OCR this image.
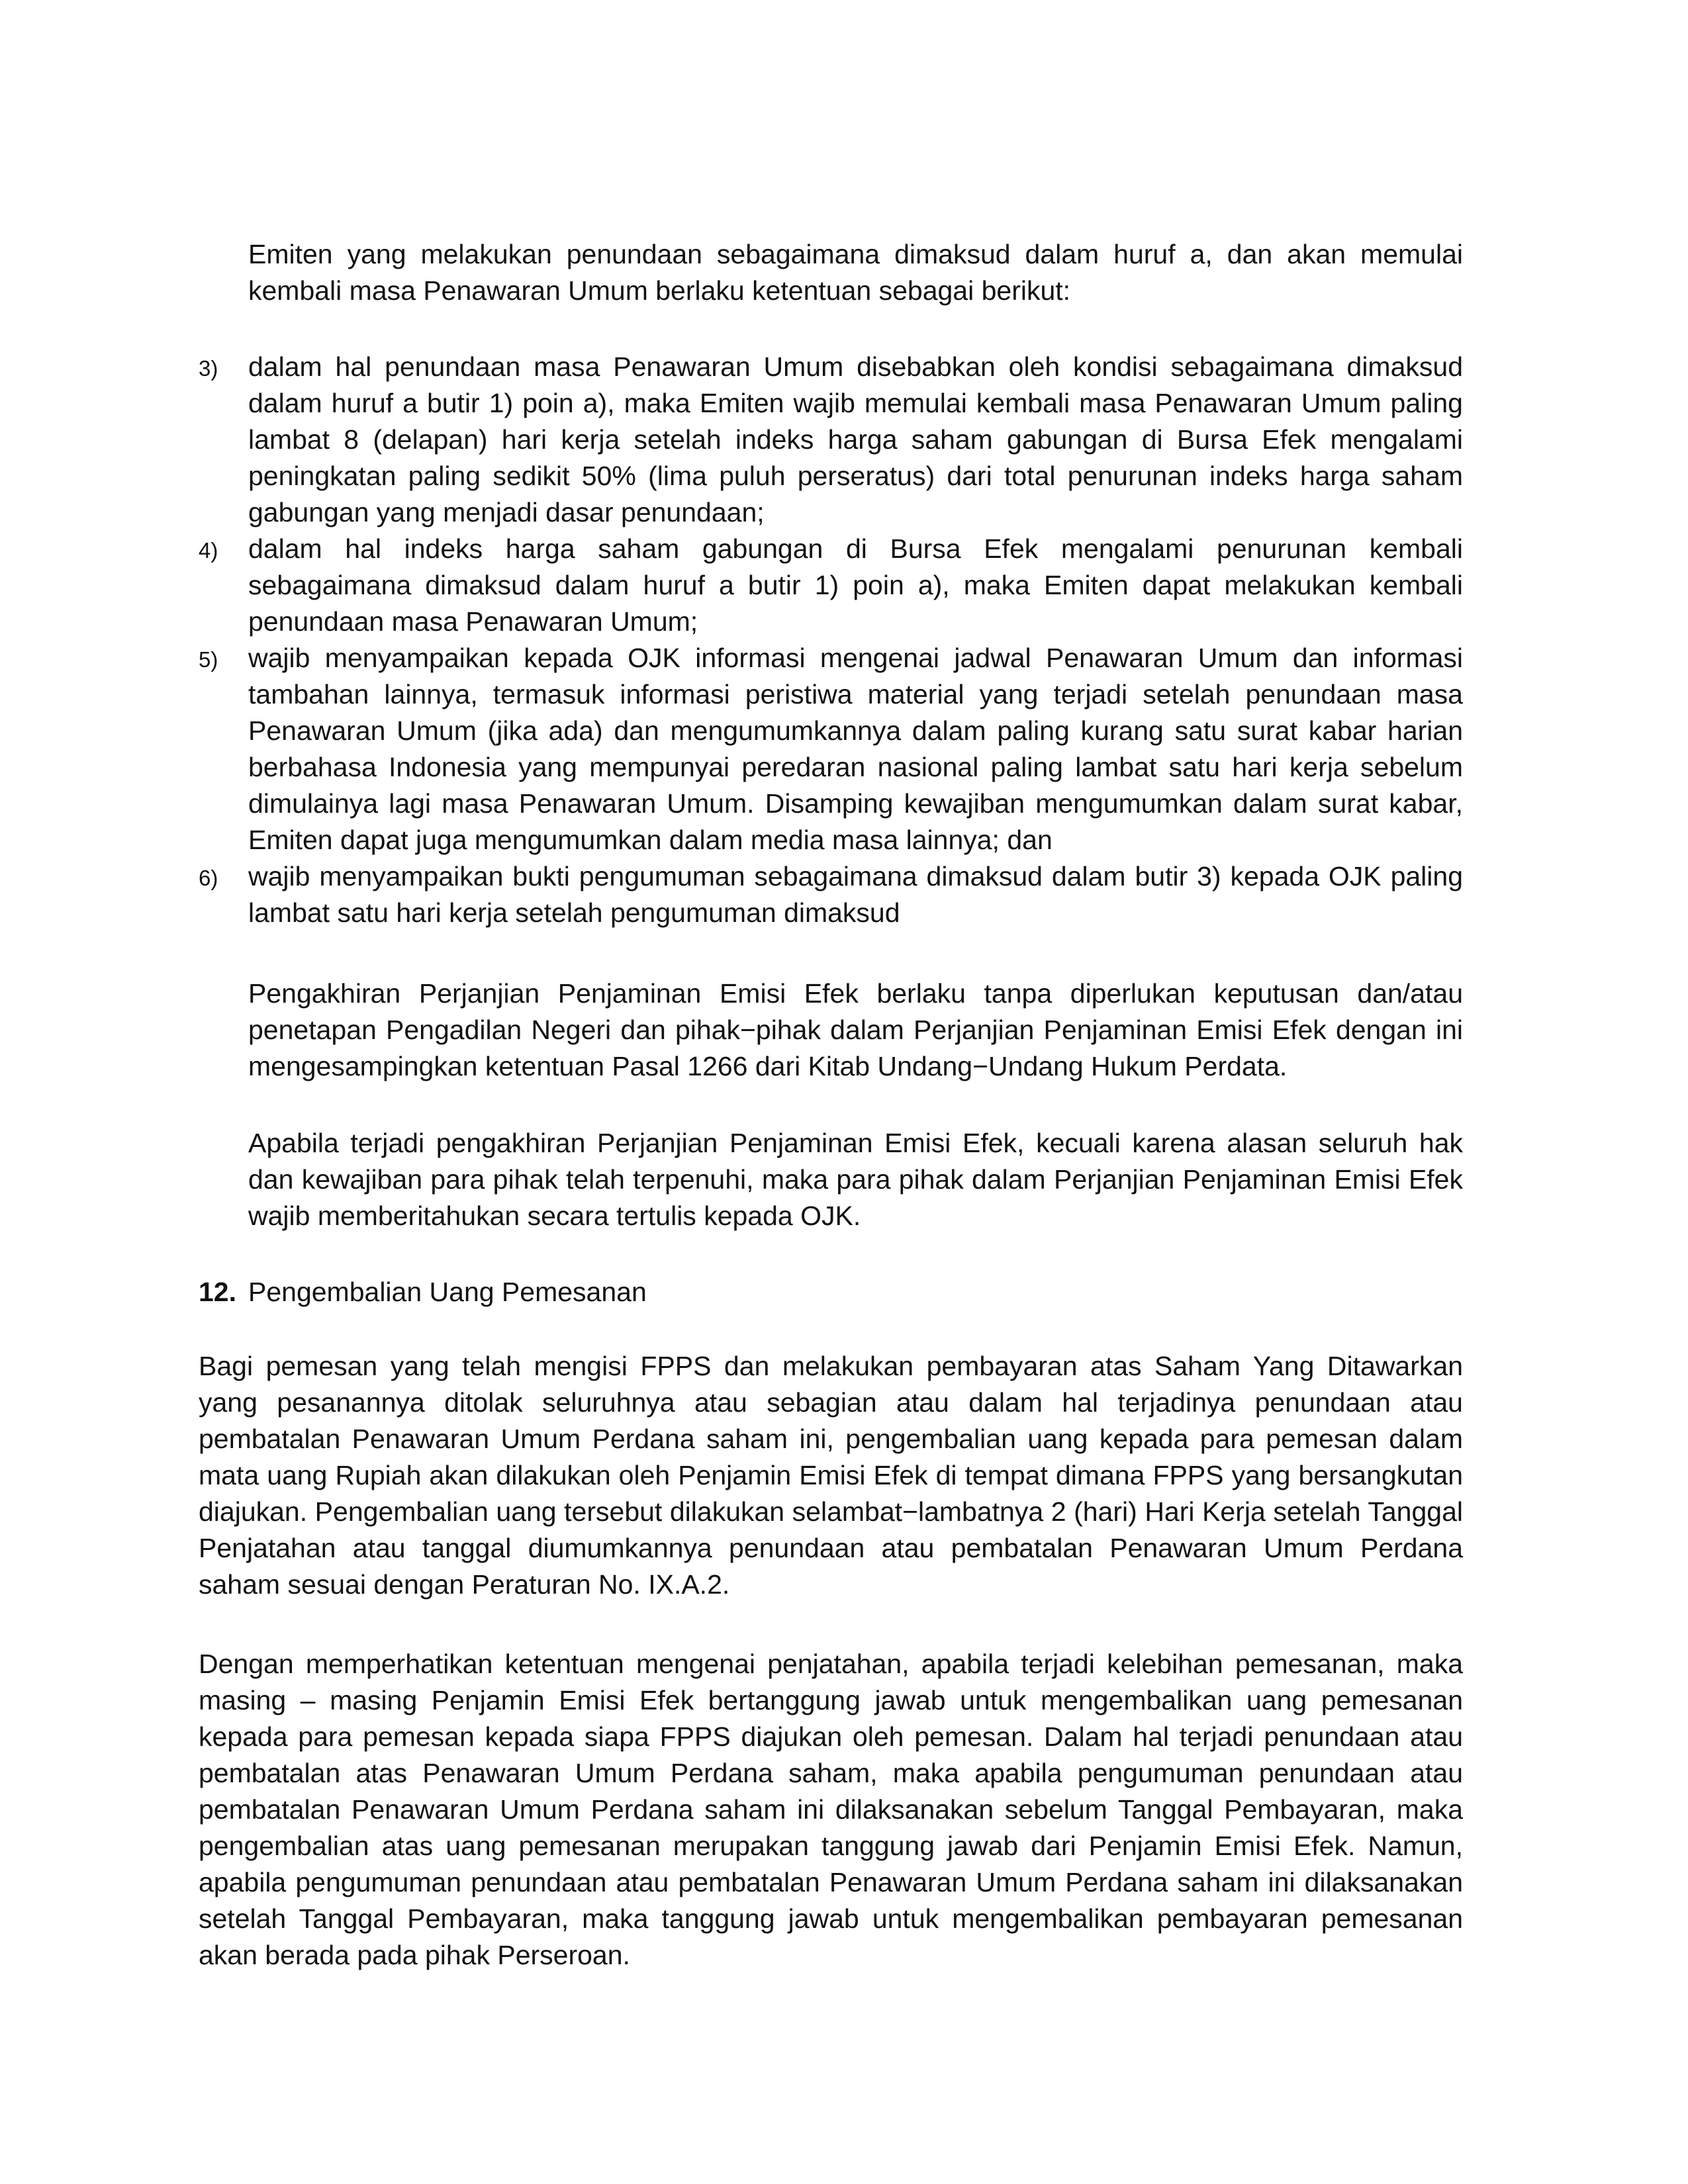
Emiten yang melakukan penundaan sebagaimana dimaksud dalam huruf a, dan akan memulai kembali masa Penawaran Umum berlaku ketentuan sebagai berikut:

3)	dalam hal penundaan masa Penawaran Umum disebabkan oleh kondisi sebagaimana dimaksud dalam huruf a butir 1) poin a), maka Emiten wajib memulai kembali masa Penawaran Umum paling lambat 8 (delapan) hari kerja setelah indeks harga saham gabungan di Bursa Efek mengalami peningkatan paling sedikit 50% (lima puluh perseratus) dari total penurunan indeks harga saham gabungan yang menjadi dasar penundaan;

4)	dalam hal indeks harga saham gabungan di Bursa Efek mengalami penurunan kembali sebagaimana dimaksud dalam huruf a butir 1) poin a), maka Emiten dapat melakukan kembali penundaan masa Penawaran Umum;

5)	wajib menyampaikan kepada OJK informasi mengenai jadwal Penawaran Umum dan informasi tambahan lainnya, termasuk informasi peristiwa material yang terjadi setelah penundaan masa Penawaran Umum (jika ada) dan mengumumkannya dalam paling kurang satu surat kabar harian berbahasa Indonesia yang mempunyai peredaran nasional paling lambat satu hari kerja sebelum dimulainya lagi masa Penawaran Umum. Disamping kewajiban mengumumkan dalam surat kabar, Emiten dapat juga mengumumkan dalam media masa lainnya; dan

6)	wajib menyampaikan bukti pengumuman sebagaimana dimaksud dalam butir 3) kepada OJK paling lambat satu hari kerja setelah pengumuman dimaksud

Pengakhiran Perjanjian Penjaminan Emisi Efek berlaku tanpa diperlukan keputusan dan/atau penetapan Pengadilan Negeri dan pihak−pihak dalam Perjanjian Penjaminan Emisi Efek dengan ini mengesampingkan ketentuan Pasal 1266 dari Kitab Undang−Undang Hukum Perdata.

Apabila terjadi pengakhiran Perjanjian Penjaminan Emisi Efek, kecuali karena alasan seluruh hak dan kewajiban para pihak telah terpenuhi, maka para pihak dalam Perjanjian Penjaminan Emisi Efek wajib memberitahukan secara tertulis kepada OJK.

12. Pengembalian Uang Pemesanan

Bagi pemesan yang telah mengisi FPPS dan melakukan pembayaran atas Saham Yang Ditawarkan yang pesanannya ditolak seluruhnya atau sebagian atau dalam hal terjadinya penundaan atau pembatalan Penawaran Umum Perdana saham ini, pengembalian uang kepada para pemesan dalam mata uang Rupiah akan dilakukan oleh Penjamin Emisi Efek di tempat dimana FPPS yang bersangkutan diajukan. Pengembalian uang tersebut dilakukan selambat−lambatnya 2 (hari) Hari Kerja setelah Tanggal Penjatahan atau tanggal diumumkannya penundaan atau pembatalan Penawaran Umum Perdana saham sesuai dengan Peraturan No. IX.A.2.

Dengan memperhatikan ketentuan mengenai penjatahan, apabila terjadi kelebihan pemesanan, maka masing – masing Penjamin Emisi Efek bertanggung jawab untuk mengembalikan uang pemesanan kepada para pemesan kepada siapa FPPS diajukan oleh pemesan. Dalam hal terjadi penundaan atau pembatalan atas Penawaran Umum Perdana saham, maka apabila pengumuman penundaan atau pembatalan Penawaran Umum Perdana saham ini dilaksanakan sebelum Tanggal Pembayaran, maka pengembalian atas uang pemesanan merupakan tanggung jawab dari Penjamin Emisi Efek. Namun, apabila pengumuman penundaan atau pembatalan Penawaran Umum Perdana saham ini dilaksanakan setelah Tanggal Pembayaran, maka tanggung jawab untuk mengembalikan pembayaran pemesanan akan berada pada pihak Perseroan.
